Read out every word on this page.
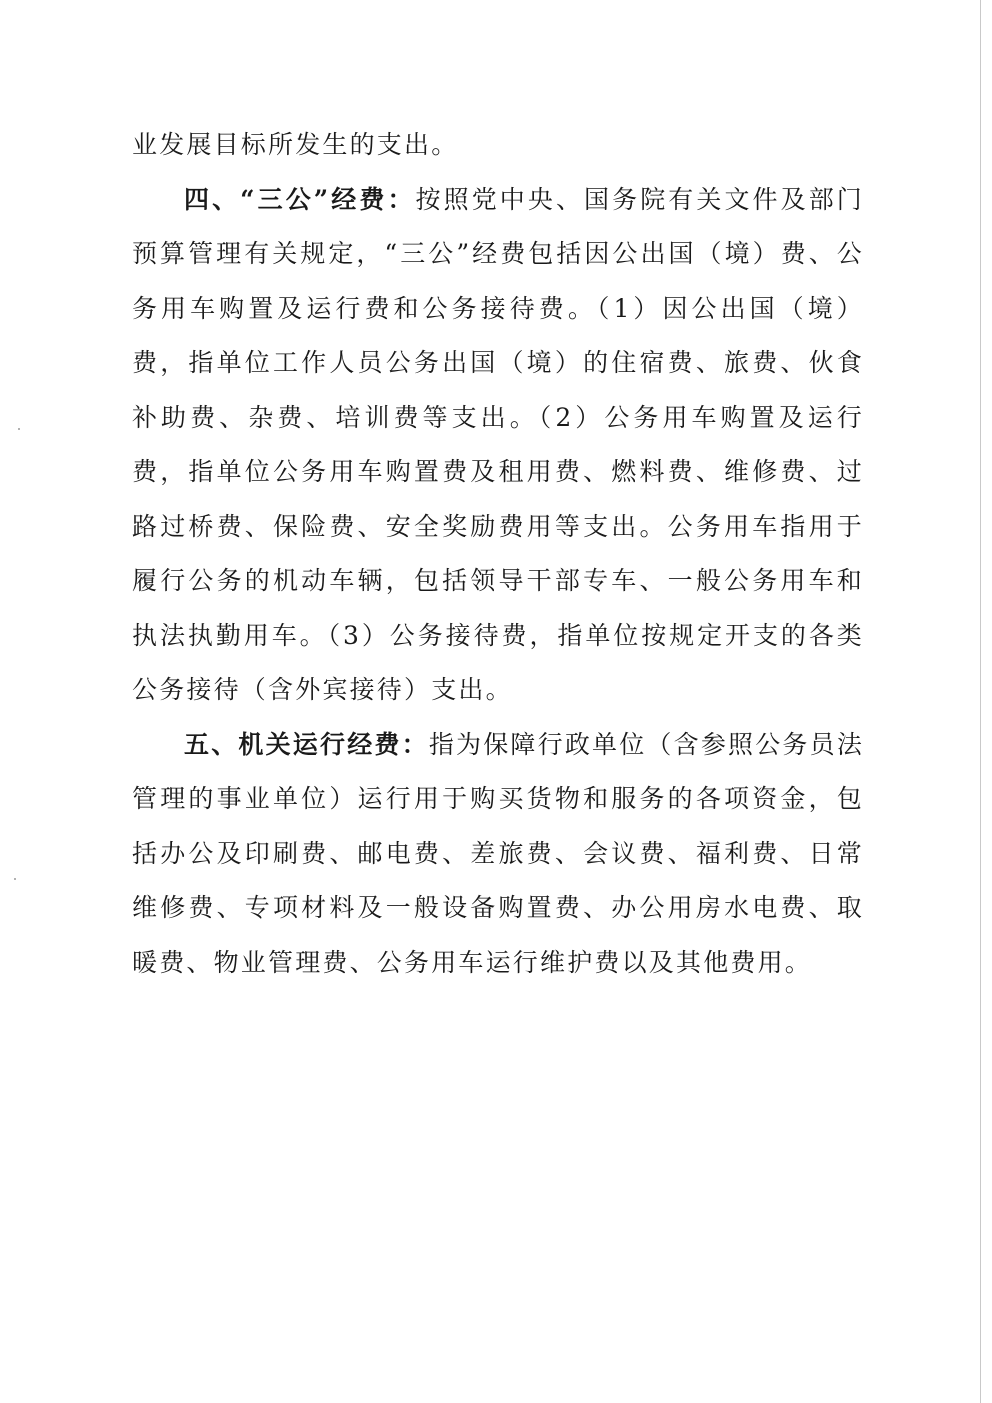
业发展目标所发生的支出。

四、“三公”经费：按照党中央、国务院有关文件及部门预算管理有关规定，“三公”经费包括因公出国（境）费、公务用车购置及运行费和公务接待费。（1）因公出国（境）费，指单位工作人员公务出国（境）的住宿费、旅费、伙食补助费、杂费、培训费等支出。（2）公务用车购置及运行费，指单位公务用车购置费及租用费、燃料费、维修费、过路过桥费、保险费、安全奖励费用等支出。公务用车指用于履行公务的机动车辆，包括领导干部专车、一般公务用车和执法执勤用车。（3）公务接待费，指单位按规定开支的各类公务接待（含外宾接待）支出。

五、机关运行经费：指为保障行政单位（含参照公务员法管理的事业单位）运行用于购买货物和服务的各项资金，包括办公及印刷费、邮电费、差旅费、会议费、福利费、日常维修费、专项材料及一般设备购置费、办公用房水电费、取暖费、物业管理费、公务用车运行维护费以及其他费用。
